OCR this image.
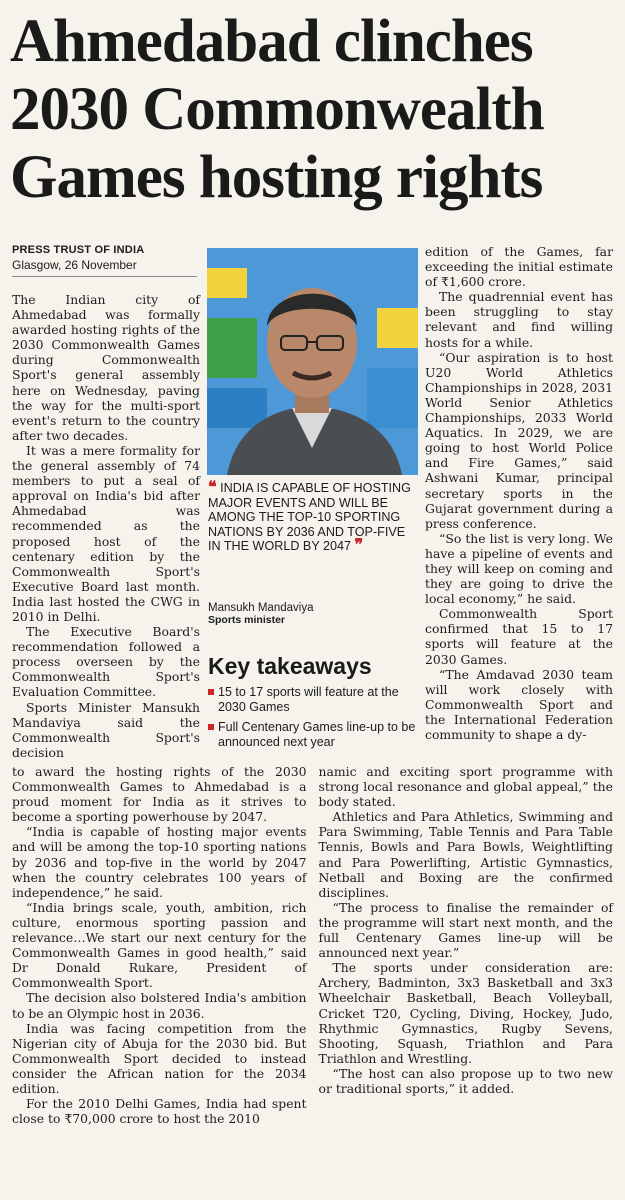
Ahmedabad clinches
2030 Commonwealth
Games hosting rights
PRESS TRUST OF INDIA
Glasgow, 26 November

The Indian city of Ahmedabad was formally awarded hosting rights of the 2030 Commonwealth Games during Commonwealth Sport's general assembly here on Wednesday, paving the way for the multi-sport event's return to the country after two decades.

It was a mere formality for the general assembly of 74 members to put a seal of approval on India's bid after Ahmedabad was recommended as the proposed host of the centenary edition by the Commonwealth Sport's Executive Board last month. India last hosted the CWG in 2010 in Delhi.

The Executive Board's recommendation followed a process overseen by the Commonwealth Sport's Evaluation Committee.

Sports Minister Mansukh Mandaviya said the Commonwealth Sport's decision

❝ INDIA IS CAPABLE OF HOSTING MAJOR EVENTS AND WILL BE AMONG THE TOP-10 SPORTING NATIONS BY 2036 AND TOP-FIVE IN THE WORLD BY 2047 ❞
Mansukh Mandaviya
Sports minister
Key takeaways
15 to 17 sports will feature at the 2030 Games
Full Centenary Games line-up to be announced next year

edition of the Games, far exceeding the initial estimate of ₹1,600 crore.

The quadrennial event has been struggling to stay relevant and find willing hosts for a while.

“Our aspiration is to host U20 World Athletics Championships in 2028, 2031 World Senior Athletics Championships, 2033 World Aquatics. In 2029, we are going to host World Police and Fire Games,” said Ashwani Kumar, principal secretary sports in the Gujarat government during a press conference.

“So the list is very long. We have a pipeline of events and they will keep on coming and they are going to drive the local economy,” he said.

Commonwealth Sport confirmed that 15 to 17 sports will feature at the 2030 Games.

“The Amdavad 2030 team will work closely with Commonwealth Sport and the International Federation community to shape a dy-

to award the hosting rights of the 2030 Commonwealth Games to Ahmedabad is a proud moment for India as it strives to become a sporting powerhouse by 2047.

“India is capable of hosting major events and will be among the top-10 sporting nations by 2036 and top-five in the world by 2047 when the country celebrates 100 years of independence,” he said.

“India brings scale, youth, ambition, rich culture, enormous sporting passion and relevance…We start our next century for the Commonwealth Games in good health,” said Dr Donald Rukare, President of Commonwealth Sport.

The decision also bolstered India's ambition to be an Olympic host in 2036.

India was facing competition from the Nigerian city of Abuja for the 2030 bid. But Commonwealth Sport decided to instead consider the African nation for the 2034 edition.

For the 2010 Delhi Games, India had spent close to ₹70,000 crore to host the 2010

namic and exciting sport programme with strong local resonance and global appeal,” the body stated.

Athletics and Para Athletics, Swimming and Para Swimming, Table Tennis and Para Table Tennis, Bowls and Para Bowls, Weightlifting and Para Powerlifting, Artistic Gymnastics, Netball and Boxing are the confirmed disciplines.

“The process to finalise the remainder of the programme will start next month, and the full Centenary Games line-up will be announced next year.”

The sports under consideration are: Archery, Badminton, 3x3 Basketball and 3x3 Wheelchair Basketball, Beach Volleyball, Cricket T20, Cycling, Diving, Hockey, Judo, Rhythmic Gymnastics, Rugby Sevens, Shooting, Squash, Triathlon and Para Triathlon and Wrestling.

“The host can also propose up to two new or traditional sports,” it added.
